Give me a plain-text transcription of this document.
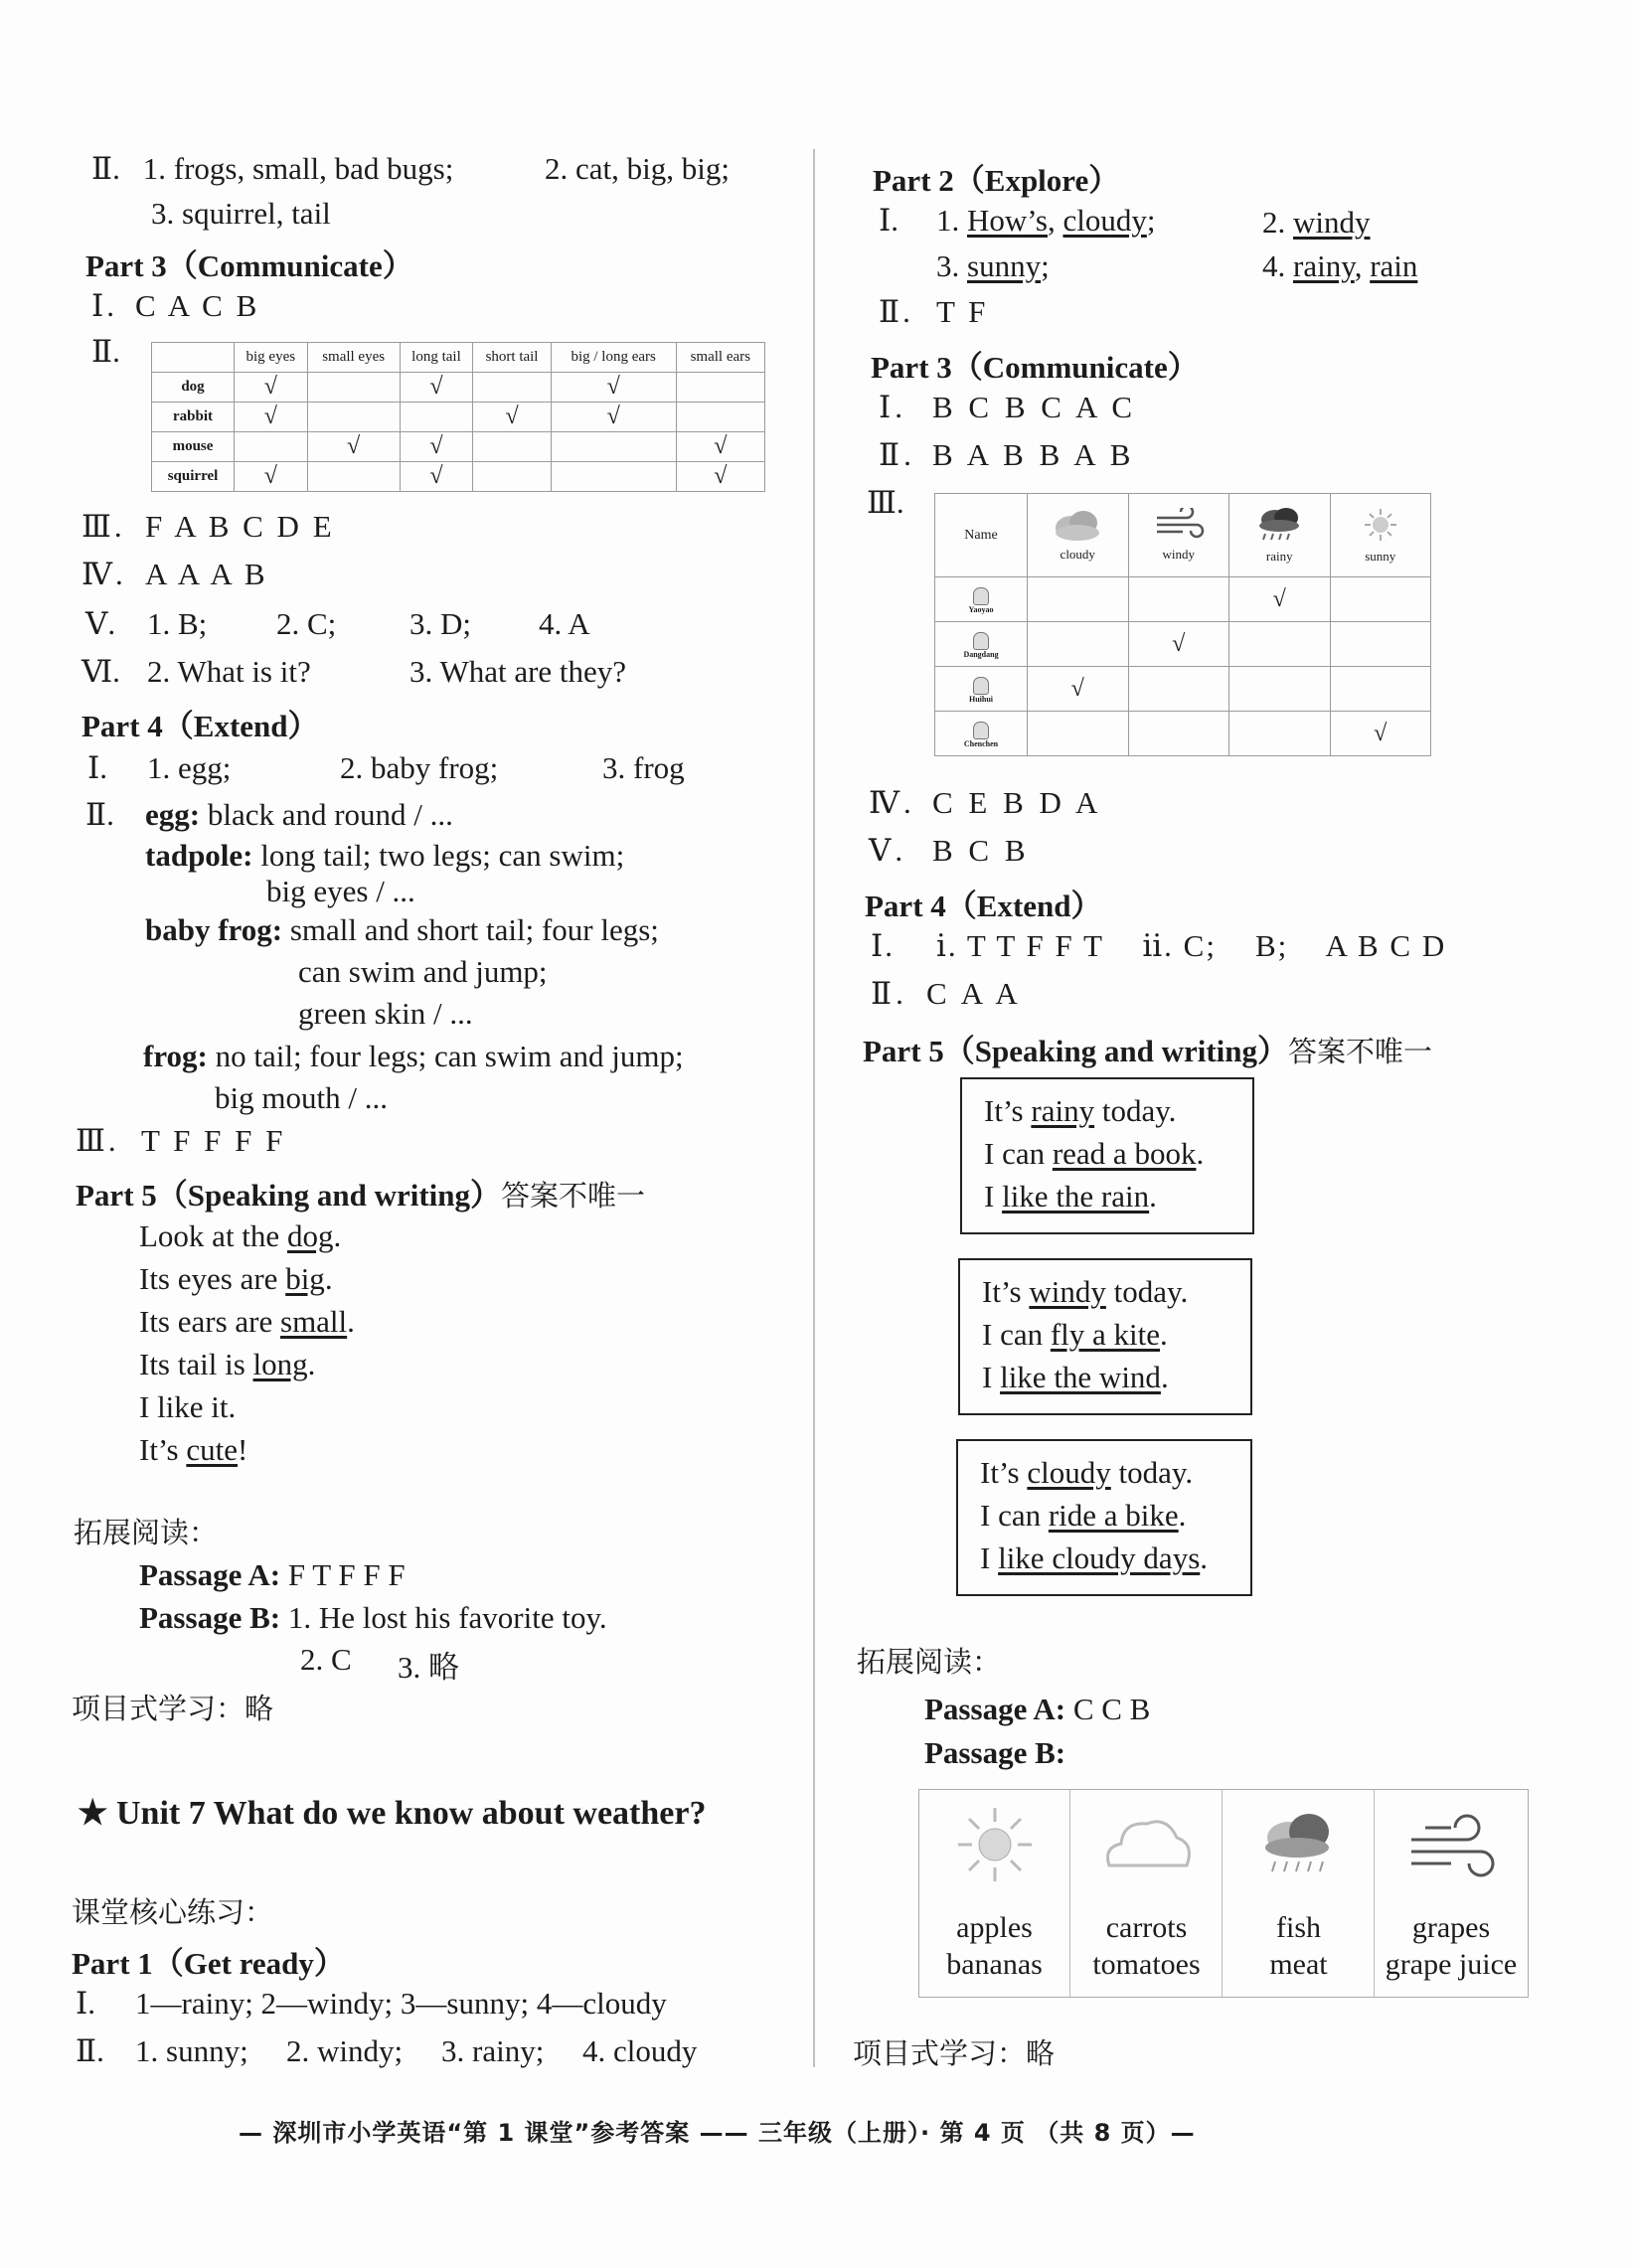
Ⅱ. 1. frogs, small, bad bugs;	2. cat, big, big;
3. squirrel, tail
Part 3（Communicate）
Ⅰ. C A C B
Ⅱ.
		big eyes	small eyes	long tail	short tail	big / long ears	small ears
dog	√		√		√	
rabbit	√			√	√	
mouse		√	√			√
squirrel	√		√			√
Ⅲ. F A B C D E
Ⅳ. A A A B
Ⅴ. 1. B; 2. C; 3. D; 4. A
Ⅵ. 2. What is it?	3. What are they?
Part 4（Extend）
Ⅰ. 1. egg;	2. baby frog;	3. frog
Ⅱ. egg: black and round / ...
tadpole: long tail; two legs; can swim;
big eyes / ...
baby frog: small and short tail; four legs;
can swim and jump;
green skin / ...
frog: no tail; four legs; can swim and jump;
big mouth / ...
Ⅲ. T F F F F
Part 5（Speaking and writing）答案不唯一
Look at the dog.
Its eyes are big.
Its ears are small.
Its tail is long.
I like it.
It’s cute!
拓展阅读：
Passage A: F T F F F
Passage B: 1. He lost his favorite toy.
2. C 3. 略
项目式学习：略
★ Unit 7 What do we know about weather?
课堂核心练习：
Part 1（Get ready）
Ⅰ. 1—rainy; 2—windy; 3—sunny; 4—cloudy
Ⅱ. 1. sunny; 2. windy; 3. rainy; 4. cloudy
Part 2（Explore）
Ⅰ. 1. How’s, cloudy;	2. windy
3. sunny;	4. rainy, rain
Ⅱ. T F
Part 3（Communicate）
Ⅰ. B C B C A C
Ⅱ. B A B B A B
Ⅲ.
Name	cloudy	windy	rainy	sunny

Yaoyao			√	

Dangdang		√		

Huihui	√			

Chenchen				√
Ⅳ. C E B D A
Ⅴ. B C B
Part 4（Extend）
Ⅰ. ⅰ. T T F F T    ⅱ. C;    B;    A B C D
Ⅱ. C A A
Part 5（Speaking and writing）答案不唯一
It’s rainy today.
I can read a book.
I like the rain.
It’s windy today.
I can fly a kite.
I like the wind.
It’s cloudy today.
I can ride a bike.
I like cloudy days.
拓展阅读：
Passage A: C C B
Passage B:
apples
bananas
carrots
tomatoes
fish
meat
grapes
grape juice
项目式学习：略
— 深圳市小学英语“第 1 课堂”参考答案 —— 三年级（上册）· 第 4 页 （共 8 页）—
